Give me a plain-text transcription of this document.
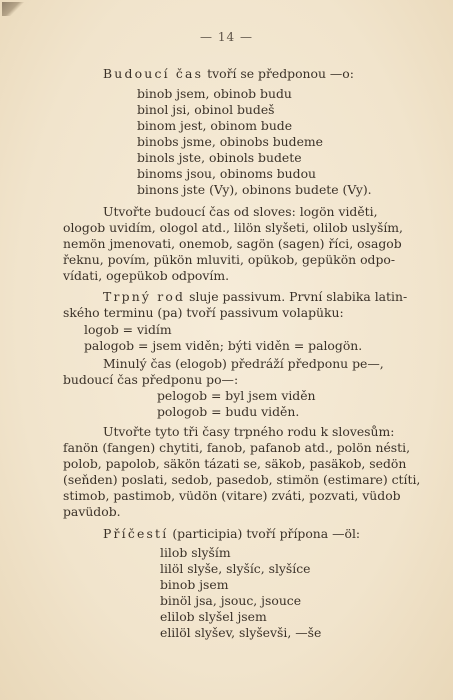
— 14 —
Budoucí čas tvoří se předponou —o:
binob jsem, obinob budu
binol jsi, obinol budeš
binom jest, obinom bude
binobs jsme, obinobs budeme
binols jste, obinols budete
binoms jsou, obinoms budou
binons jste (Vy), obinons budete (Vy).
Utvořte budoucí čas od sloves: logön viděti,
ologob uvidím, ologol atd., lilön slyšeti, olilob uslyším,
nemön jmenovati, onemob, sagön (sagen) říci, osagob
řeknu, povím, pükön mluviti, opükob, gepükön odpo-
vídati, ogepükob odpovím.
Trpný rod sluje passivum. První slabika latin-
ského terminu (pa) tvoří passivum volapüku:
logob = vidím
palogob = jsem viděn; býti viděn = palogön.
Minulý čas (elogob) předráží předponu pe—,
budoucí čas předponu po—:
pelogob = byl jsem viděn
pologob = budu viděn.
Utvořte tyto tři časy trpného rodu k slovesům:
fanön (fangen) chytiti, fanob, pafanob atd., polön nésti,
polob, papolob, säkön tázati se, säkob, pasäkob, sedön
(seňden) poslati, sedob, pasedob, stimön (estimare) ctíti,
stimob, pastimob, vüdön (vitare) zváti, pozvati, vüdob
pavüdob.
Příčestí (participia) tvoří přípona —öl:
lilob slyším
lilöl slyše, slyšíc, slyšíce
binob jsem
binöl jsa, jsouc, jsouce
elilob slyšel jsem
elilöl slyšev, slyševši, —še
